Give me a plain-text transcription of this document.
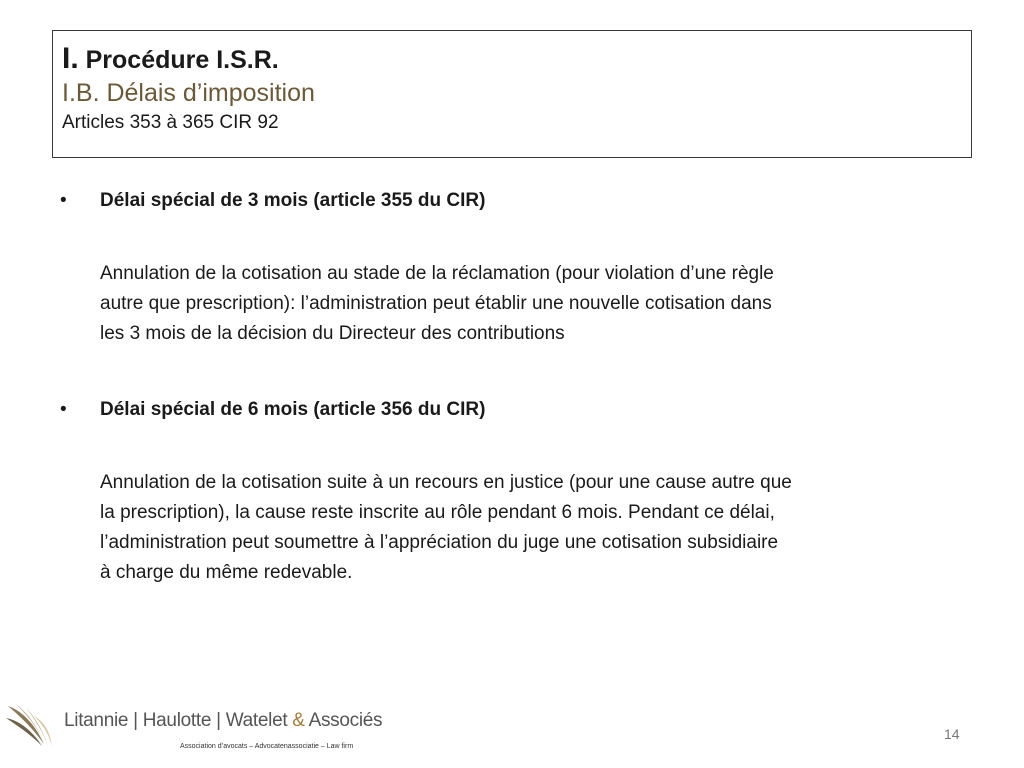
I. Procédure I.S.R.
I.B. Délais d’imposition
Articles 353 à 365 CIR 92
•	Délai spécial de 3 mois (article 355 du CIR)
Annulation de la cotisation au stade de la réclamation (pour violation d’une règle
autre que prescription): l’administration peut établir une nouvelle cotisation dans
les 3 mois de la décision du Directeur des contributions
•	Délai spécial de 6 mois (article 356 du CIR)
Annulation de la cotisation suite à un recours en justice (pour une cause autre que
la prescription), la cause reste inscrite au rôle pendant 6 mois. Pendant ce délai,
l’administration peut soumettre à l’appréciation du juge une cotisation subsidiaire
à charge du même redevable.
Litannie | Haulotte | Watelet & Associés
Association d’avocats – Advocatenassociatie – Law firm
14
